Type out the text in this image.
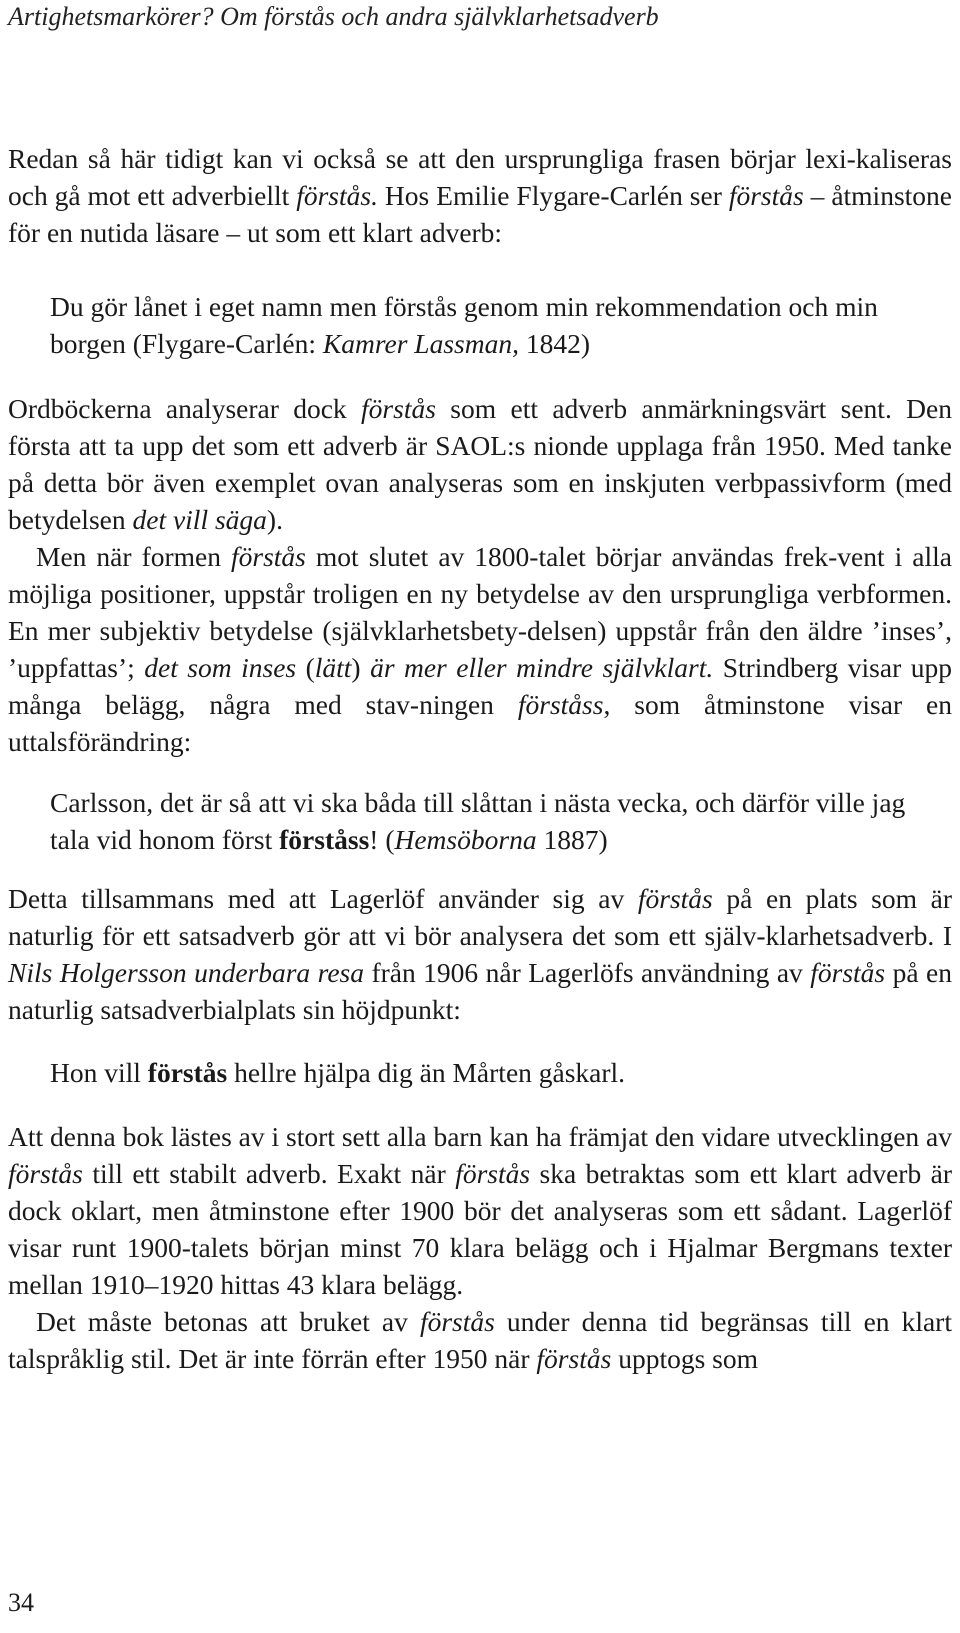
Artighetsmarkörer? Om förstås och andra självklarhetsadverb

Redan så här tidigt kan vi också se att den ursprungliga frasen börjar lexi-kaliseras och gå mot ett adverbiellt förstås. Hos Emilie Flygare-Carlén ser förstås – åtminstone för en nutida läsare – ut som ett klart adverb:

Du gör lånet i eget namn men förstås genom min rekommendation och min borgen (Flygare-Carlén: Kamrer Lassman, 1842)

Ordböckerna analyserar dock förstås som ett adverb anmärkningsvärt sent. Den första att ta upp det som ett adverb är SAOL:s nionde upplaga från 1950. Med tanke på detta bör även exemplet ovan analyseras som en inskjuten verbpassivform (med betydelsen det vill säga).

Men när formen förstås mot slutet av 1800-talet börjar användas frek-vent i alla möjliga positioner, uppstår troligen en ny betydelse av den ursprungliga verbformen. En mer subjektiv betydelse (självklarhetsbety-delsen) uppstår från den äldre ’inses’, ’uppfattas’; det som inses (lätt) är mer eller mindre självklart. Strindberg visar upp många belägg, några med stav-ningen förståss, som åtminstone visar en uttalsförändring:

Carlsson, det är så att vi ska båda till slåttan i nästa vecka, och därför ville jag tala vid honom först förståss! (Hemsöborna 1887)

Detta tillsammans med att Lagerlöf använder sig av förstås på en plats som är naturlig för ett satsadverb gör att vi bör analysera det som ett själv-klarhetsadverb. I Nils Holgersson underbara resa från 1906 når Lagerlöfs användning av förstås på en naturlig satsadverbialplats sin höjdpunkt:

Hon vill förstås hellre hjälpa dig än Mårten gåskarl.

Att denna bok lästes av i stort sett alla barn kan ha främjat den vidare utvecklingen av förstås till ett stabilt adverb. Exakt när förstås ska betraktas som ett klart adverb är dock oklart, men åtminstone efter 1900 bör det analyseras som ett sådant. Lagerlöf visar runt 1900-talets början minst 70 klara belägg och i Hjalmar Bergmans texter mellan 1910–1920 hittas 43 klara belägg.

Det måste betonas att bruket av förstås under denna tid begränsas till en klart talspråklig stil. Det är inte förrän efter 1950 när förstås upptogs som

34
